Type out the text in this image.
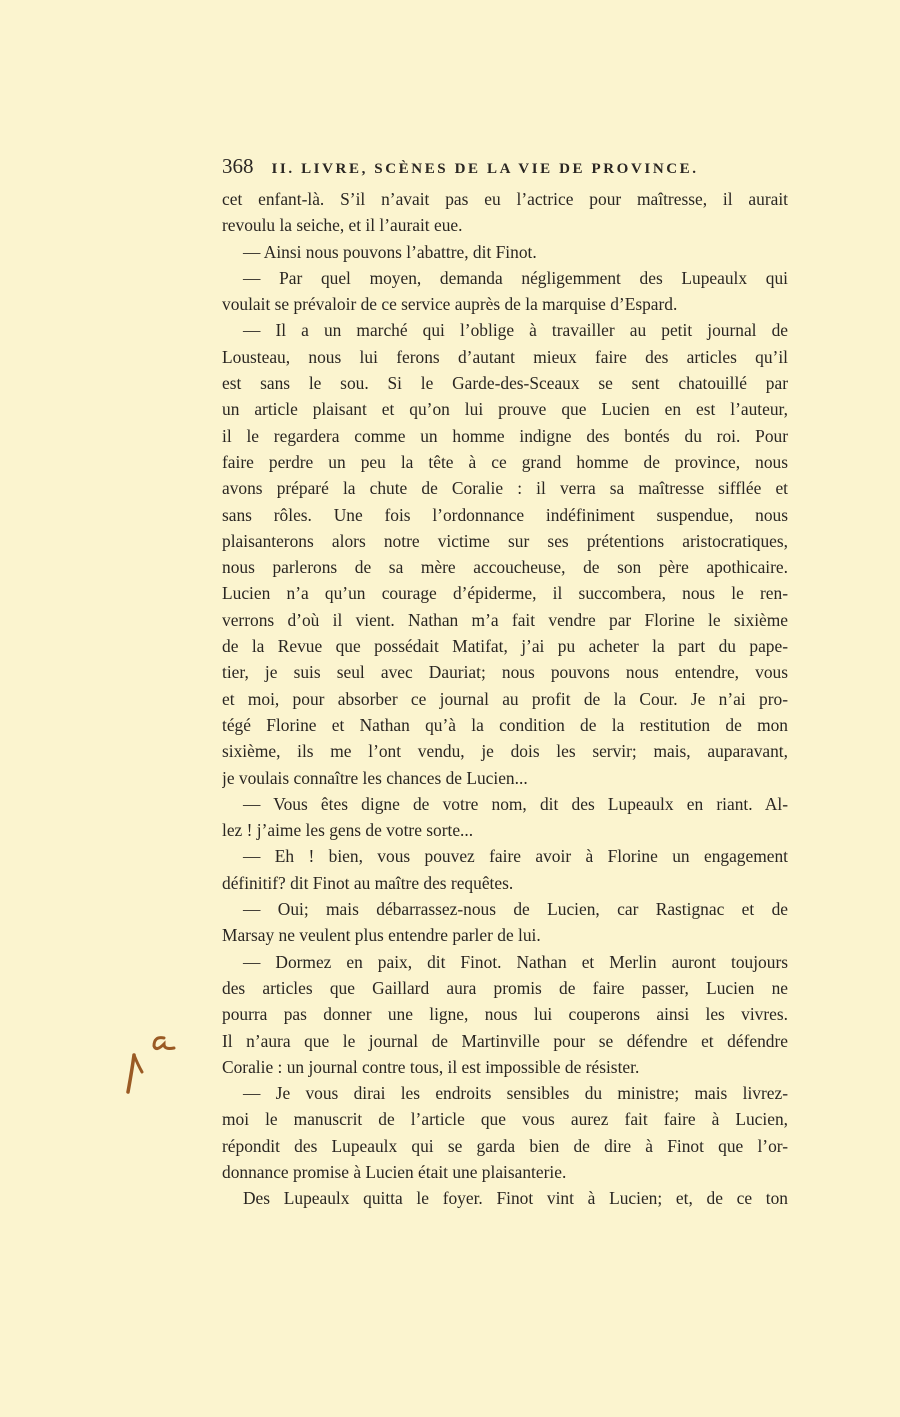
368 II. LIVRE, SCÈNES DE LA VIE DE PROVINCE.
cet enfant-là. S’il n’avait pas eu l’actrice pour maîtresse, il aurait
revoulu la seiche, et il l’aurait eue.
— Ainsi nous pouvons l’abattre, dit Finot.
— Par quel moyen, demanda négligemment des Lupeaulx qui
voulait se prévaloir de ce service auprès de la marquise d’Espard.
— Il a un marché qui l’oblige à travailler au petit journal de
Lousteau, nous lui ferons d’autant mieux faire des articles qu’il
est sans le sou. Si le Garde-des-Sceaux se sent chatouillé par
un article plaisant et qu’on lui prouve que Lucien en est l’auteur,
il le regardera comme un homme indigne des bontés du roi. Pour
faire perdre un peu la tête à ce grand homme de province, nous
avons préparé la chute de Coralie : il verra sa maîtresse sifflée et
sans rôles. Une fois l’ordonnance indéfiniment suspendue, nous
plaisanterons alors notre victime sur ses prétentions aristocratiques,
nous parlerons de sa mère accoucheuse, de son père apothicaire.
Lucien n’a qu’un courage d’épiderme, il succombera, nous le ren-
verrons d’où il vient. Nathan m’a fait vendre par Florine le sixième
de la Revue que possédait Matifat, j’ai pu acheter la part du pape-
tier, je suis seul avec Dauriat; nous pouvons nous entendre, vous
et moi, pour absorber ce journal au profit de la Cour. Je n’ai pro-
tégé Florine et Nathan qu’à la condition de la restitution de mon
sixième, ils me l’ont vendu, je dois les servir; mais, auparavant,
je voulais connaître les chances de Lucien...
— Vous êtes digne de votre nom, dit des Lupeaulx en riant. Al-
lez ! j’aime les gens de votre sorte...
— Eh ! bien, vous pouvez faire avoir à Florine un engagement
définitif? dit Finot au maître des requêtes.
— Oui; mais débarrassez-nous de Lucien, car Rastignac et de
Marsay ne veulent plus entendre parler de lui.
— Dormez en paix, dit Finot. Nathan et Merlin auront toujours
des articles que Gaillard aura promis de faire passer, Lucien ne
pourra pas donner une ligne, nous lui couperons ainsi les vivres.
Il n’aura que le journal de Martinville pour se défendre et défendre
Coralie : un journal contre tous, il est impossible de résister.
— Je vous dirai les endroits sensibles du ministre; mais livrez-
moi le manuscrit de l’article que vous aurez fait faire à Lucien,
répondit des Lupeaulx qui se garda bien de dire à Finot que l’or-
donnance promise à Lucien était une plaisanterie.
Des Lupeaulx quitta le foyer. Finot vint à Lucien; et, de ce ton
